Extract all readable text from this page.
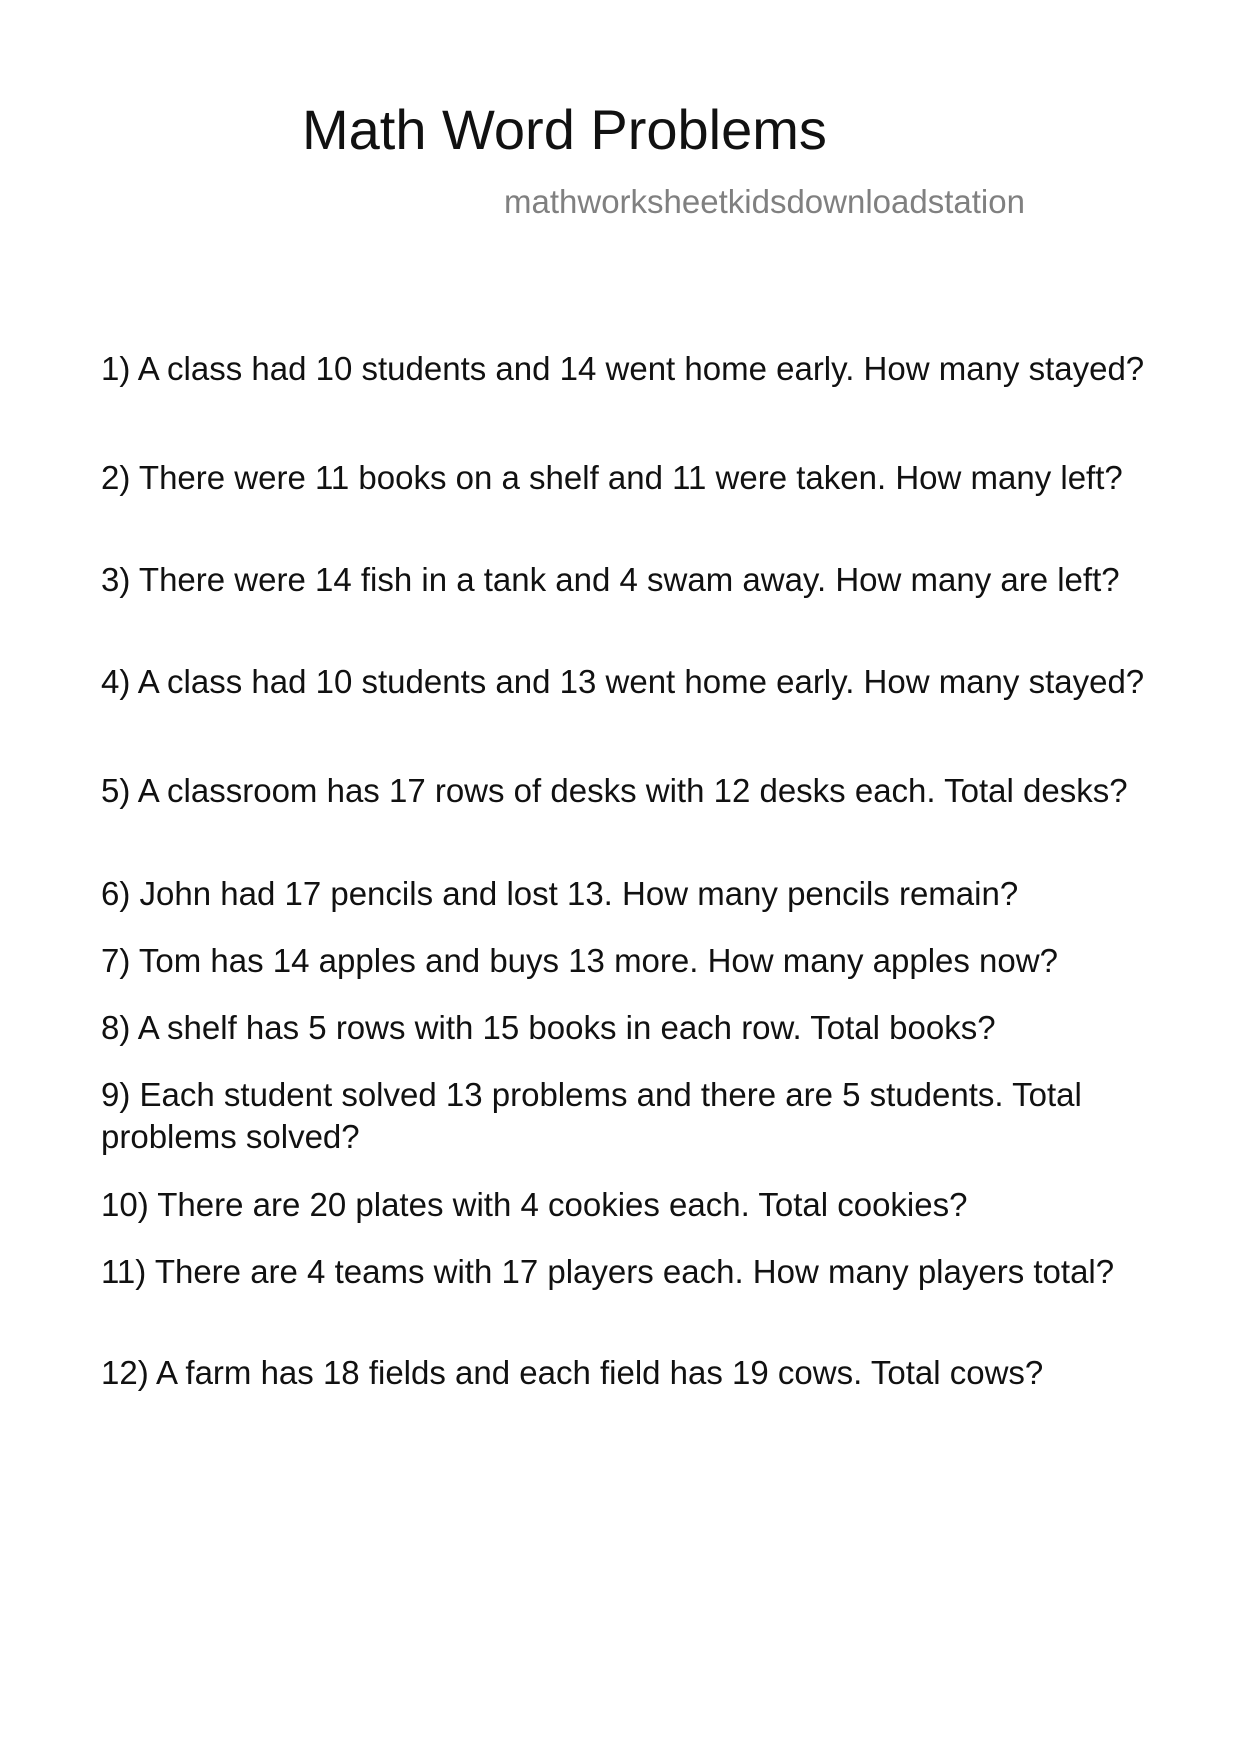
Math Word Problems
mathworksheetkidsdownloadstation

1) A class had 10 students and 14 went home early. How many stayed?

2) There were 11 books on a shelf and 11 were taken. How many left?

3) There were 14 fish in a tank and 4 swam away. How many are left?

4) A class had 10 students and 13 went home early. How many stayed?

5) A classroom has 17 rows of desks with 12 desks each. Total desks?

6) John had 17 pencils and lost 13. How many pencils remain?

7) Tom has 14 apples and buys 13 more. How many apples now?

8) A shelf has 5 rows with 15 books in each row. Total books?

9) Each student solved 13 problems and there are 5 students. Total problems solved?

10) There are 20 plates with 4 cookies each. Total cookies?

11) There are 4 teams with 17 players each. How many players total?

12) A farm has 18 fields and each field has 19 cows. Total cows?
